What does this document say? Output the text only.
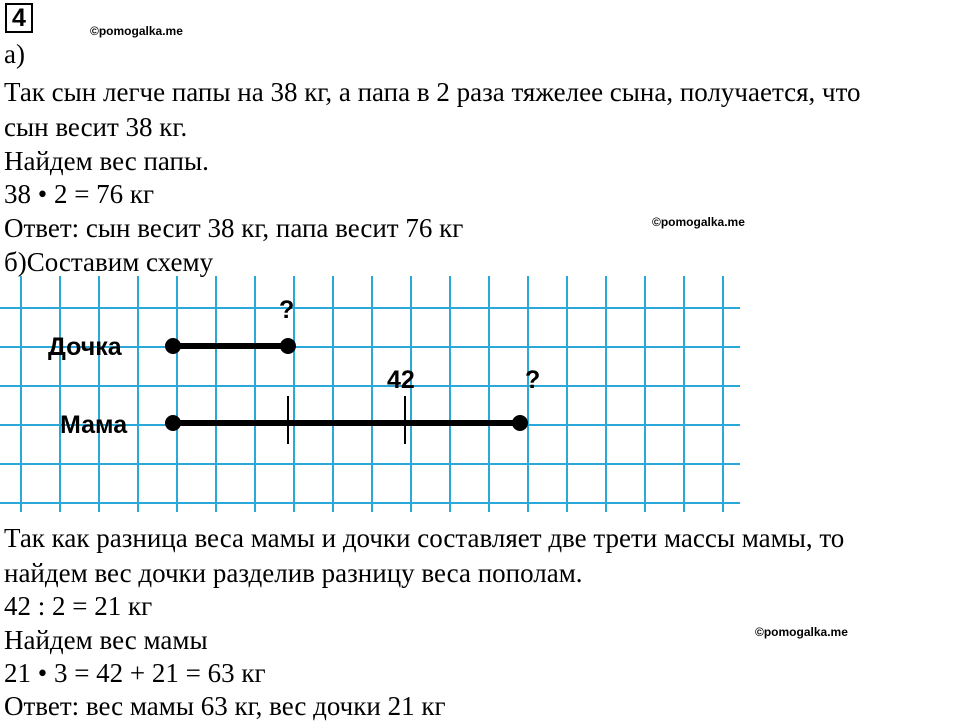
4	©pomogalka.me
а)
Так сын легче папы на 38 кг, а папа в 2 раза тяжелее сына, получается, что
сын весит 38 кг.
Найдем вес папы.
38 • 2 = 76 кг
Ответ: сын весит 38 кг, папа весит 76 кг	©pomogalka.me
б)Составим схему
Дочка
Мама
?
42	?
Так как разница веса мамы и дочки составляет две трети массы мамы, то
найдем вес дочки разделив разницу веса пополам.
42 : 2 = 21 кг
Найдем вес мамы	©pomogalka.me
21 • 3 = 42 + 21 = 63 кг
Ответ: вес мамы 63 кг, вес дочки 21 кг
